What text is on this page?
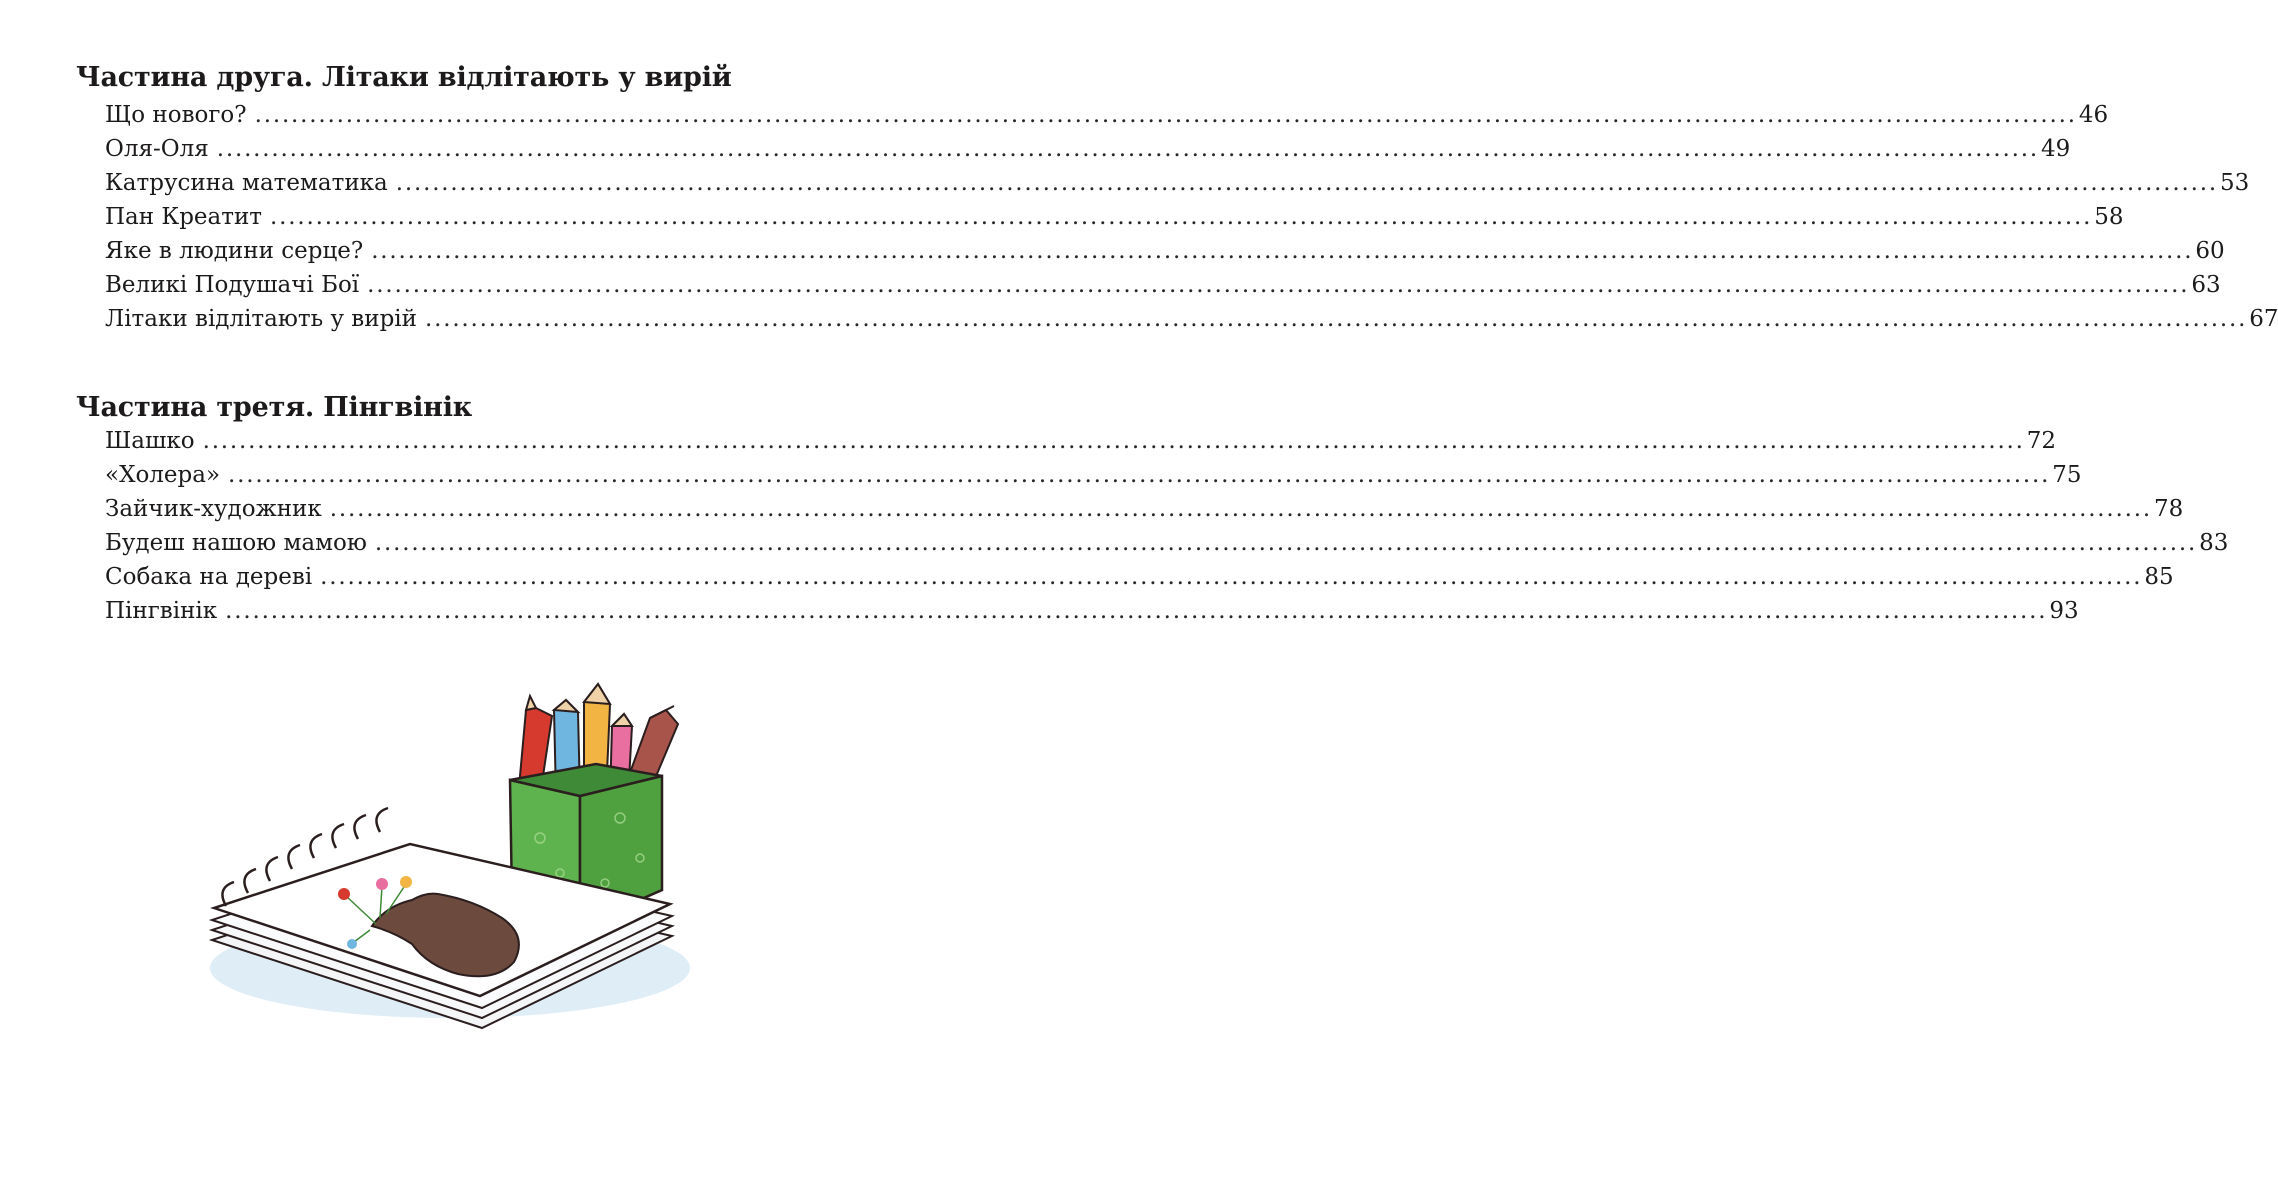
Частина друга. Літаки відлітають у вирій
Що нового? ........................................................................................................................................................................................................ 46
Оля-Оля ........................................................................................................................................................................................................ 49
Катрусина математика ........................................................................................................................................................................................................ 53
Пан Креатит ........................................................................................................................................................................................................ 58
Яке в людини серце? ........................................................................................................................................................................................................ 60
Великі Подушачі Бої ........................................................................................................................................................................................................ 63
Літаки відлітають у вирій ........................................................................................................................................................................................................ 67
Частина третя. Пінгвінік
Шашко ........................................................................................................................................................................................................ 72
«Холера» ........................................................................................................................................................................................................ 75
Зайчик-художник ........................................................................................................................................................................................................ 78
Будеш нашою мамою ........................................................................................................................................................................................................ 83
Собака на дереві ........................................................................................................................................................................................................ 85
Пінгвінік ........................................................................................................................................................................................................ 93
